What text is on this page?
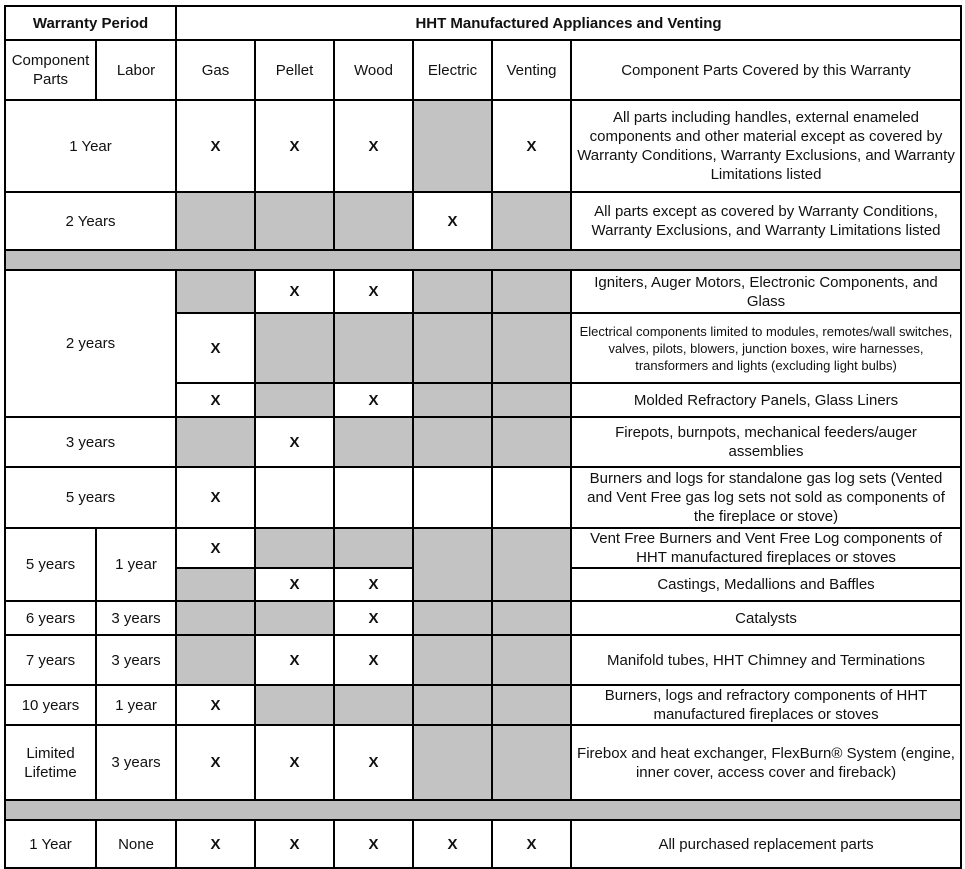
Warranty Period		HHT Manufactured Appliances and Venting					
Component Parts	Labor	Gas	Pellet	Wood	Electric	Venting	Component Parts Covered by this Warranty
1 Year		X	X	X		X	All parts including handles, external enameled components and other material except as covered by Warranty Conditions, Warranty Exclusions, and Warranty Limitations listed
2 Years					X		All parts except as covered by Warranty Conditions, Warranty Exclusions, and Warranty Limitations listed

2 years			X	X			Igniters, Auger Motors, Electronic Components, and Glass
		X					Electrical components limited to modules, remotes/wall switches, valves, pilots, blowers, junction boxes, wire harnesses, transformers and lights (excluding light bulbs)
		X		X			Molded Refractory Panels, Glass Liners
3 years			X				Firepots, burnpots, mechanical feeders/auger assemblies
5 years		X					Burners and logs for standalone gas log sets (Vented and Vent Free gas log sets not sold as components of the fireplace or stove)
5 years	1 year	X					Vent Free Burners and Vent Free Log components of HHT manufactured fireplaces or stoves
			X	X			Castings, Medallions and Baffles
6 years	3 years			X			Catalysts
7 years	3 years		X	X			Manifold tubes, HHT Chimney and Terminations
10 years	1 year	X					Burners, logs and refractory components of HHT manufactured fireplaces or stoves
Limited Lifetime	3 years	X	X	X			Firebox and heat exchanger, FlexBurn® System (engine, inner cover, access cover and fireback)

1 Year	None	X	X	X	X	X	All purchased replacement parts
